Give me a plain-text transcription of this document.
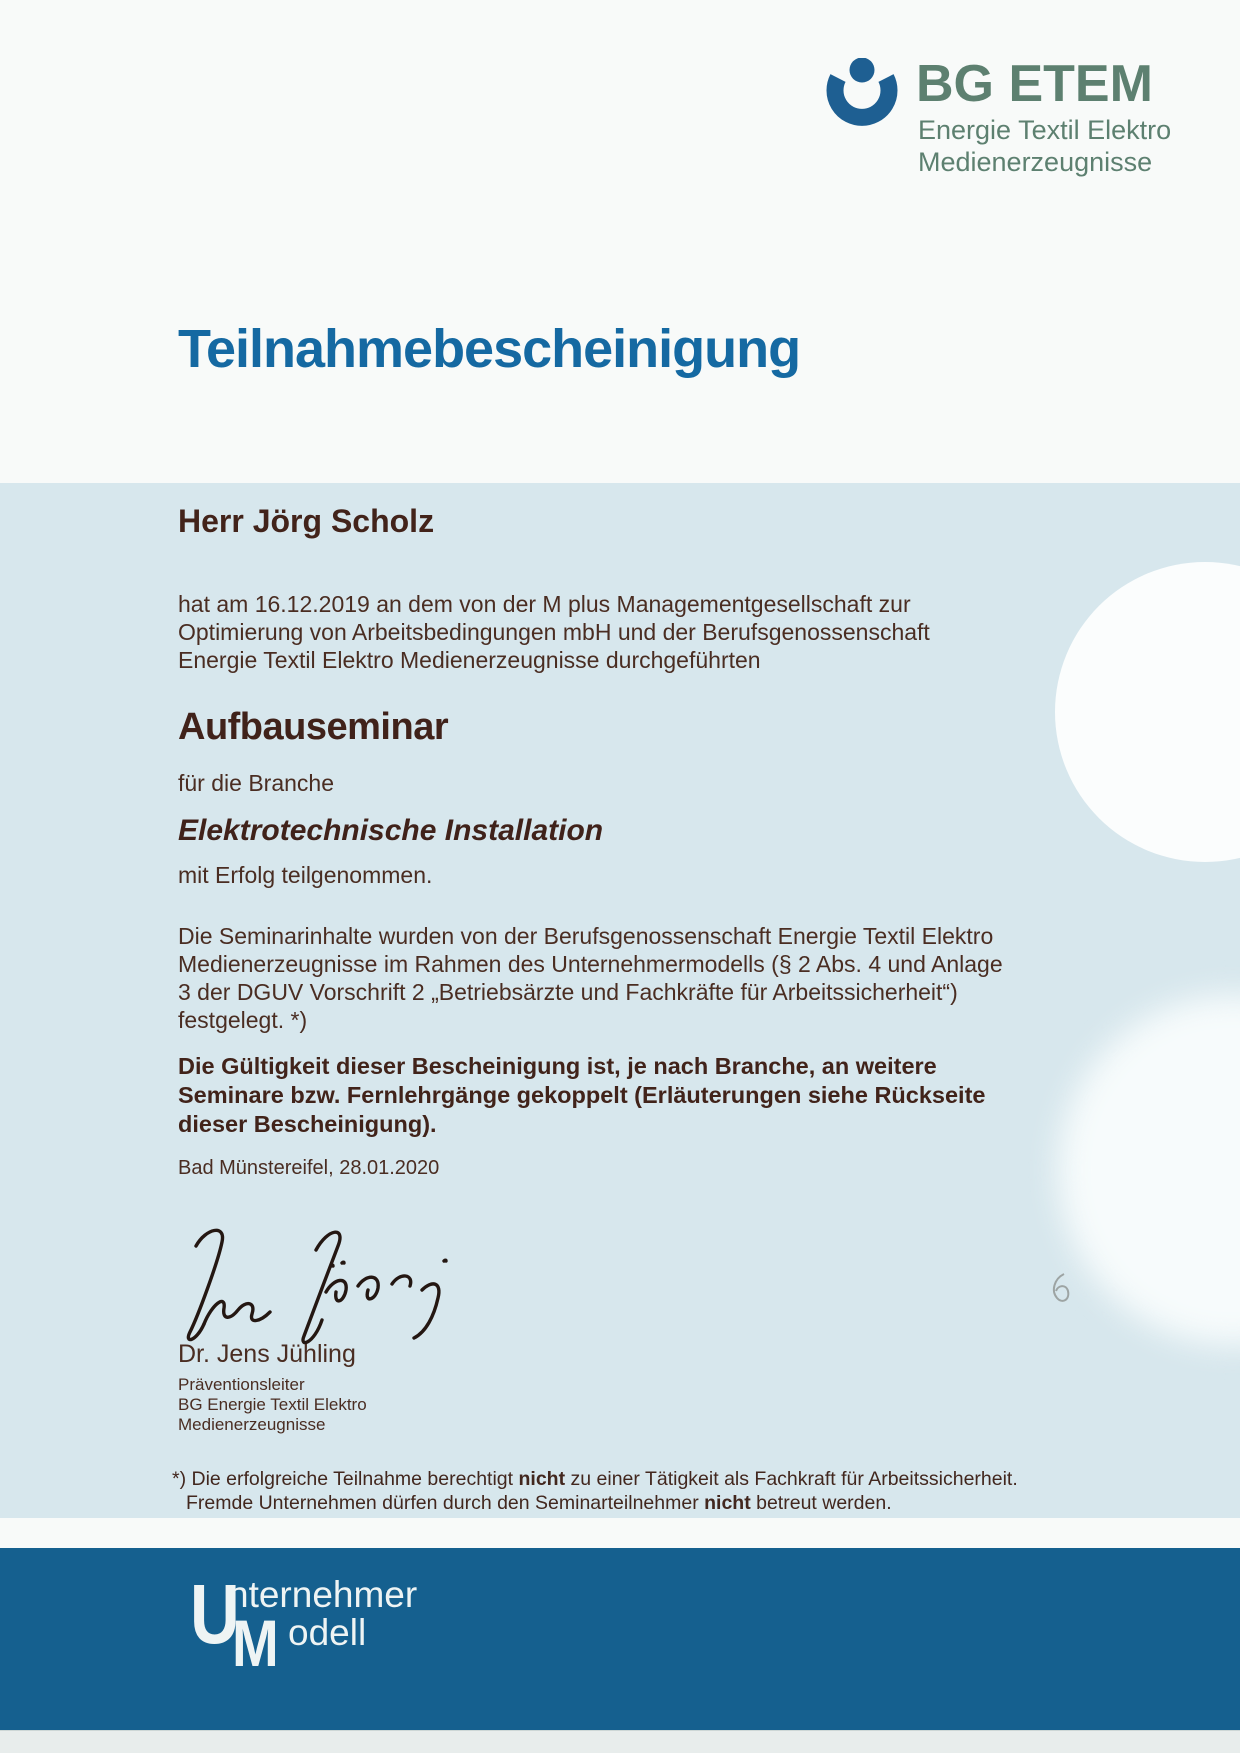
BG ETEM
Energie Textil Elektro
Medienerzeugnisse
Teilnahmebescheinigung
Herr Jörg Scholz
hat am 16.12.2019 an dem von der M plus Managementgesellschaft zur
Optimierung von Arbeitsbedingungen mbH und der Berufsgenossenschaft
Energie Textil Elektro Medienerzeugnisse durchgeführten
Aufbauseminar
für die Branche
Elektrotechnische Installation
mit Erfolg teilgenommen.
Die Seminarinhalte wurden von der Berufsgenossenschaft Energie Textil Elektro
Medienerzeugnisse im Rahmen des Unternehmermodells (§ 2 Abs. 4 und Anlage
3 der DGUV Vorschrift 2 „Betriebsärzte und Fachkräfte für Arbeitssicherheit“)
festgelegt. *)
Die Gültigkeit dieser Bescheinigung ist, je nach Branche, an weitere
Seminare bzw. Fernlehrgänge gekoppelt (Erläuterungen siehe Rückseite
dieser Bescheinigung).
Bad Münstereifel, 28.01.2020
Dr. Jens Jühling
Präventionsleiter
BG Energie Textil Elektro
Medienerzeugnisse
*) Die erfolgreiche Teilnahme berechtigt nicht zu einer Tätigkeit als Fachkraft für Arbeitssicherheit.
Fremde Unternehmen dürfen durch den Seminarteilnehmer nicht betreut werden.
U
nternehmer
M odell
